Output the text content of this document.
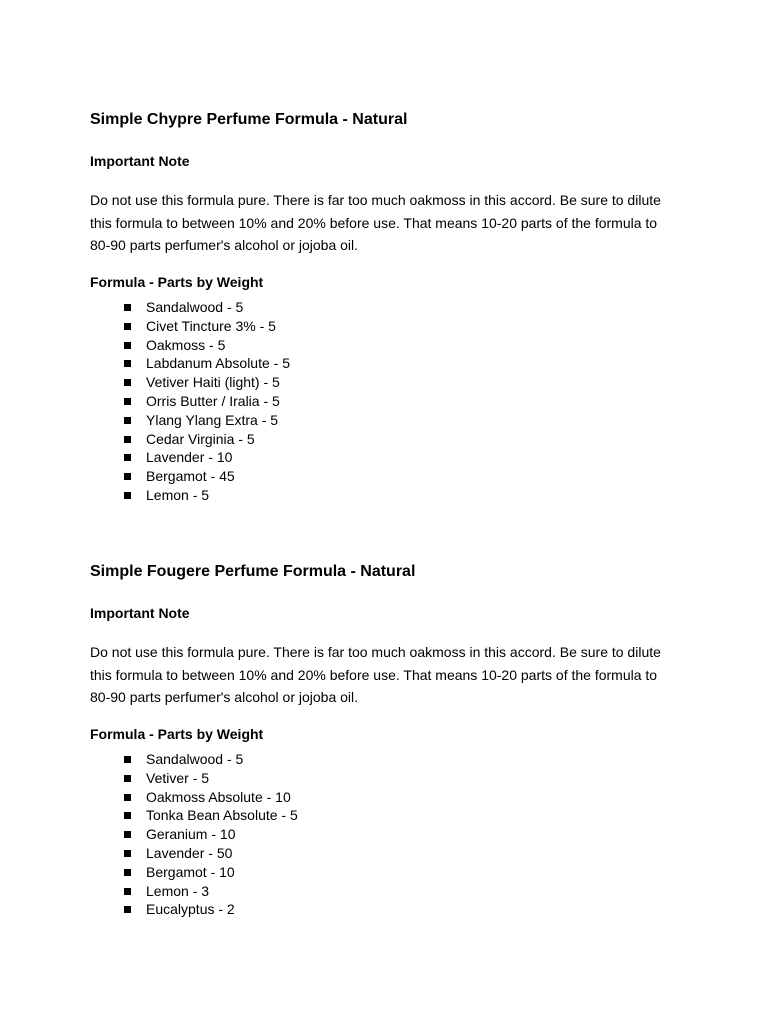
Simple Chypre Perfume Formula - Natural
Important Note

Do not use this formula pure. There is far too much oakmoss in this accord. Be sure to dilute
this formula to between 10% and 20% before use. That means 10-20 parts of the formula to
80-90 parts perfumer's alcohol or jojoba oil.

Formula - Parts by Weight
Sandalwood - 5
Civet Tincture 3% - 5
Oakmoss - 5
Labdanum Absolute - 5
Vetiver Haiti (light) - 5
Orris Butter / Iralia - 5
Ylang Ylang Extra - 5
Cedar Virginia - 5
Lavender - 10
Bergamot - 45
Lemon - 5
Simple Fougere Perfume Formula - Natural
Important Note

Do not use this formula pure. There is far too much oakmoss in this accord. Be sure to dilute
this formula to between 10% and 20% before use. That means 10-20 parts of the formula to
80-90 parts perfumer's alcohol or jojoba oil.

Formula - Parts by Weight
Sandalwood - 5
Vetiver - 5
Oakmoss Absolute - 10
Tonka Bean Absolute - 5
Geranium - 10
Lavender - 50
Bergamot - 10
Lemon - 3
Eucalyptus - 2
